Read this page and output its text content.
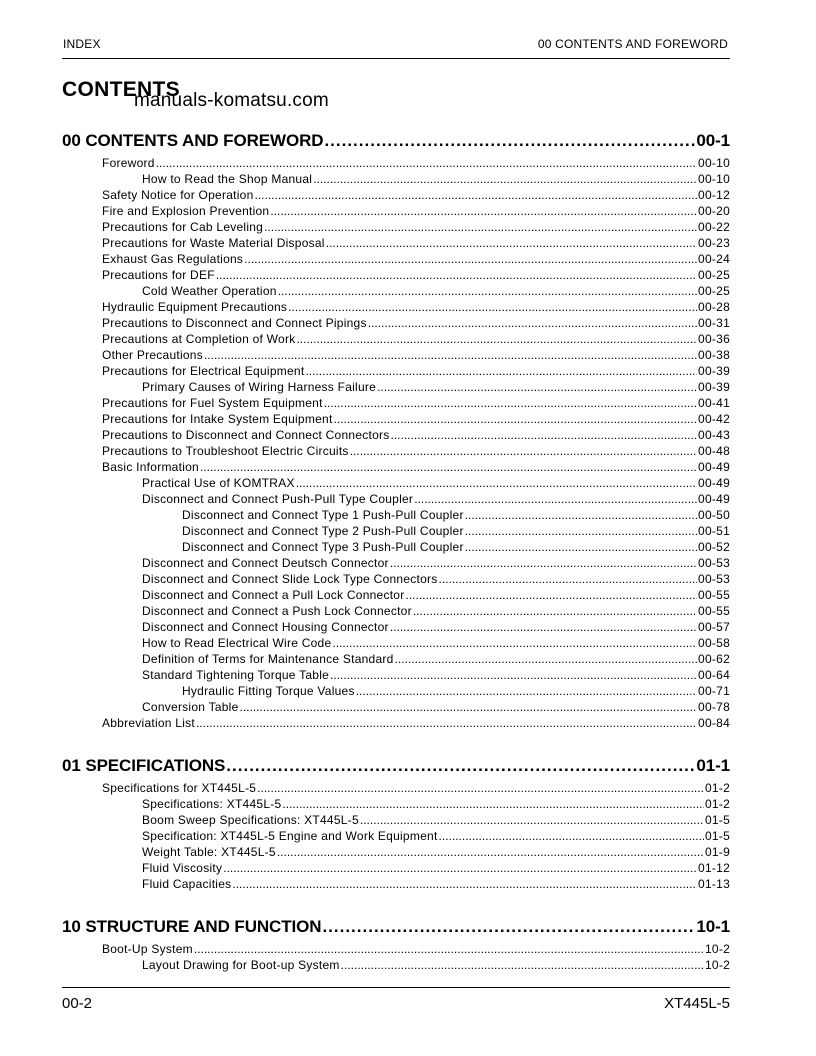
INDEX	00 CONTENTS AND FOREWORD
CONTENTS
manuals-komatsu.com
00 CONTENTS AND FOREWORD .....	00-1
Foreword .....	00-10
How to Read the Shop Manual .....	00-10
Safety Notice for Operation .....	00-12
Fire and Explosion Prevention .....	00-20
Precautions for Cab Leveling .....	00-22
Precautions for Waste Material Disposal .....	00-23
Exhaust Gas Regulations .....	00-24
Precautions for DEF .....	00-25
Cold Weather Operation .....	00-25
Hydraulic Equipment Precautions .....	00-28
Precautions to Disconnect and Connect Pipings .....	00-31
Precautions at Completion of Work .....	00-36
Other Precautions .....	00-38
Precautions for Electrical Equipment .....	00-39
Primary Causes of Wiring Harness Failure .....	00-39
Precautions for Fuel System Equipment .....	00-41
Precautions for Intake System Equipment .....	00-42
Precautions to Disconnect and Connect Connectors .....	00-43
Precautions to Troubleshoot Electric Circuits .....	00-48
Basic Information .....	00-49
Practical Use of KOMTRAX .....	00-49
Disconnect and Connect Push-Pull Type Coupler .....	00-49
Disconnect and Connect Type 1 Push-Pull Coupler .....	00-50
Disconnect and Connect Type 2 Push-Pull Coupler .....	00-51
Disconnect and Connect Type 3 Push-Pull Coupler .....	00-52
Disconnect and Connect Deutsch Connector .....	00-53
Disconnect and Connect Slide Lock Type Connectors .....	00-53
Disconnect and Connect a Pull Lock Connector .....	00-55
Disconnect and Connect a Push Lock Connector .....	00-55
Disconnect and Connect Housing Connector .....	00-57
How to Read Electrical Wire Code .....	00-58
Definition of Terms for Maintenance Standard .....	00-62
Standard Tightening Torque Table .....	00-64
Hydraulic Fitting Torque Values .....	00-71
Conversion Table .....	00-78
Abbreviation List .....	00-84
01 SPECIFICATIONS .....	01-1
Specifications for XT445L-5 .....	01-2
Specifications: XT445L-5 .....	01-2
Boom Sweep Specifications: XT445L-5 .....	01-5
Specification: XT445L-5 Engine and Work Equipment .....	01-5
Weight Table: XT445L-5 .....	01-9
Fluid Viscosity .....	01-12
Fluid Capacities .....	01-13
10 STRUCTURE AND FUNCTION .....	10-1
Boot-Up System .....	10-2
Layout Drawing for Boot-up System .....	10-2
00-2	XT445L-5
